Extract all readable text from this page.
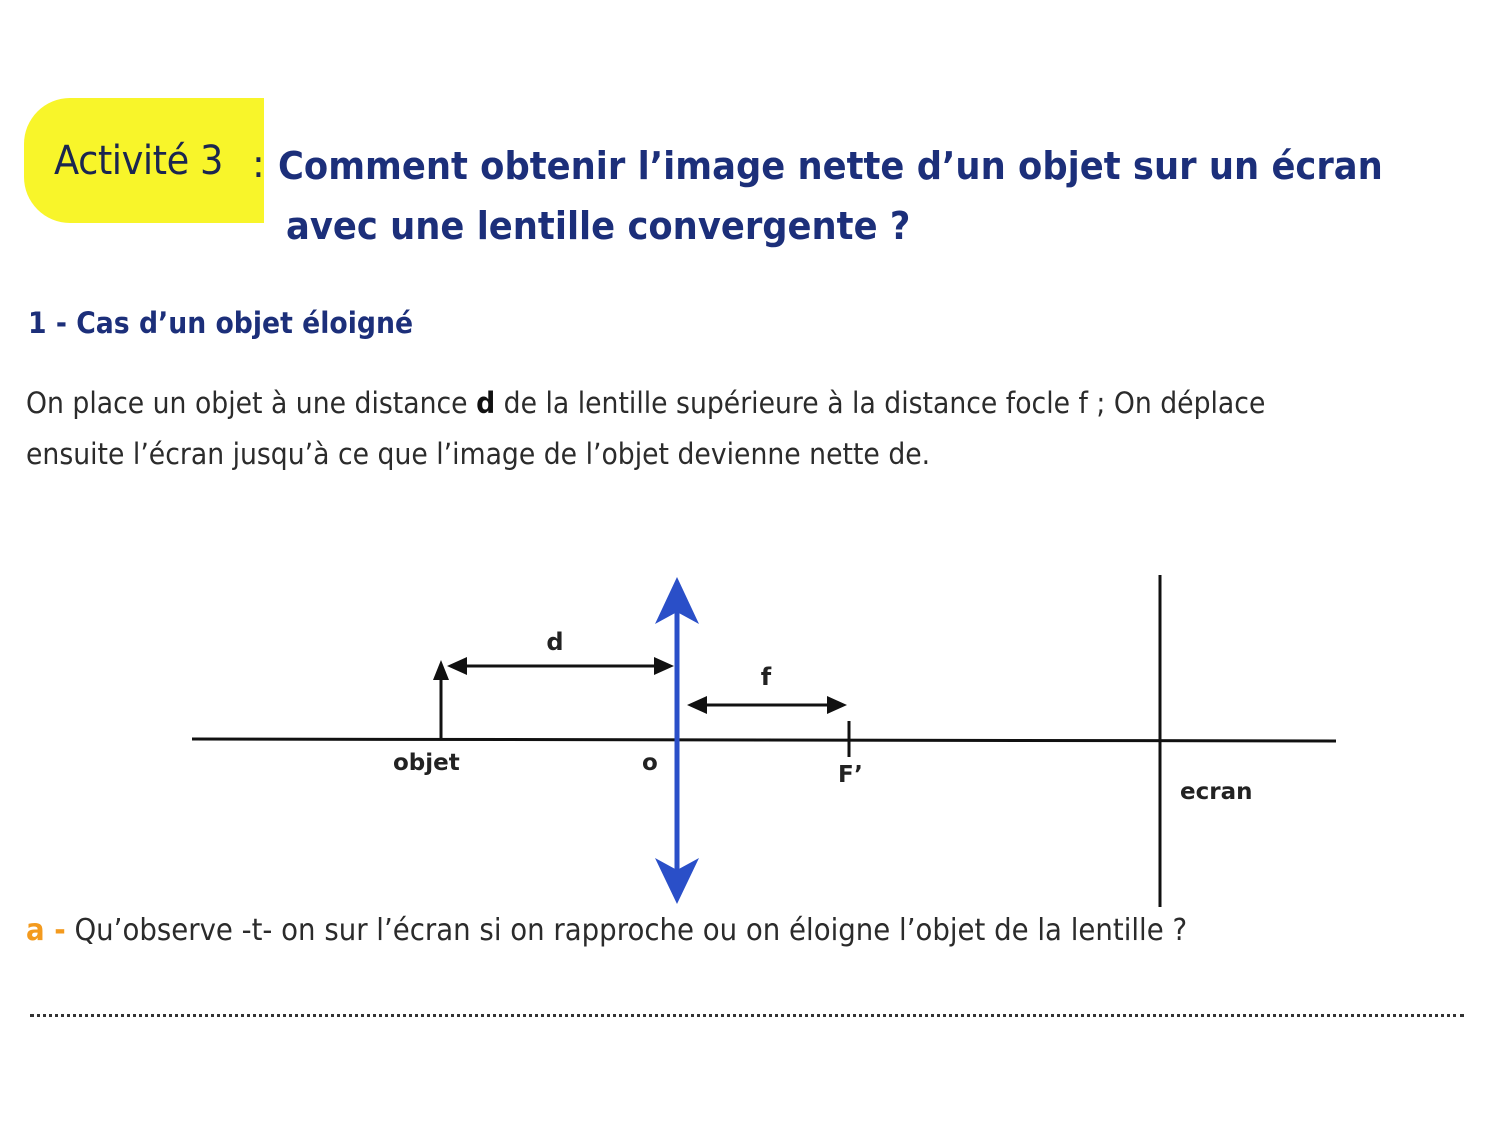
Activité 3 : Comment obtenir l’image nette d’un objet sur un écran
avec une lentille convergente ?
1 - Cas d’un objet éloigné
On place un objet à une distance d de la lentille supérieure à la distance focle f ; On déplace
ensuite l’écran jusqu’à ce que l’image de l’objet devienne nette de.
d
f
objet	o	F’
ecran
a - Qu’observe -t- on sur l’écran si on rapproche ou on éloigne l’objet de la lentille ?
